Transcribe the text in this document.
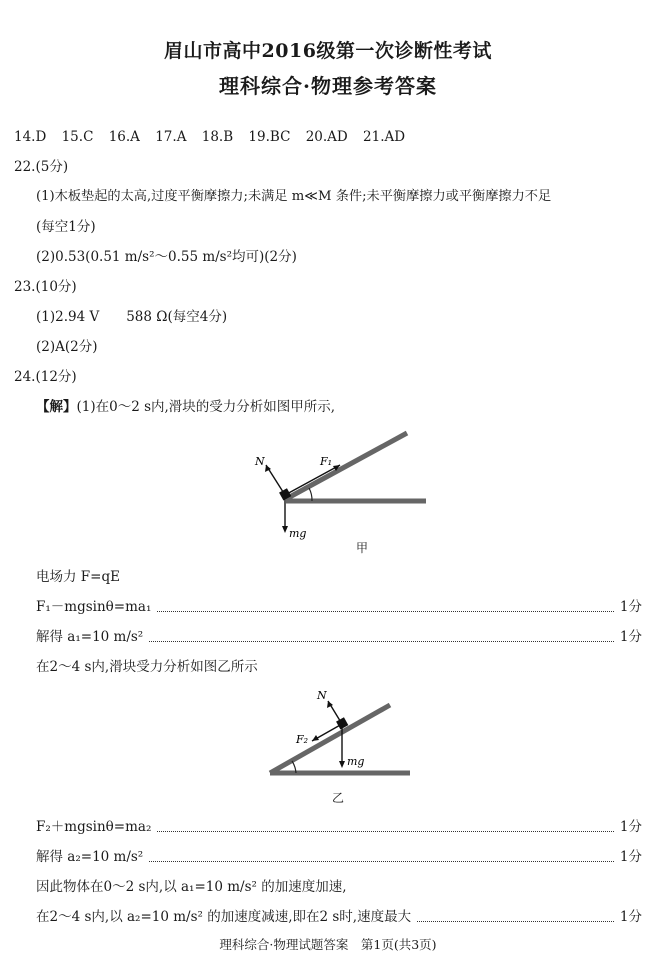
眉山市高中2016级第一次诊断性考试
理科综合·物理参考答案
14.D 15.C 16.A 17.A 18.B 19.BC 20.AD 21.AD
22.(5分)
(1)木板垫起的太高,过度平衡摩擦力;未满足 m≪M 条件;未平衡摩擦力或平衡摩擦力不足
(每空1分)
(2)0.53(0.51 m/s²～0.55 m/s²均可)(2分)
23.(10分)
(1)2.94 V　　588 Ω(每空4分)
(2)A(2分)
24.(12分)
【解】(1)在0～2 s内,滑块的受力分析如图甲所示,
N	F₁
mg
甲
电场力 F=qE
F₁－mgsinθ=ma₁	1分
解得 a₁=10 m/s²	1分
在2～4 s内,滑块受力分析如图乙所示
N
F₂
mg
乙
F₂＋mgsinθ=ma₂	1分
解得 a₂=10 m/s²	1分
因此物体在0～2 s内,以 a₁=10 m/s² 的加速度加速,
在2～4 s内,以 a₂=10 m/s² 的加速度减速,即在2 s时,速度最大	1分
理科综合·物理试题答案　第1页(共3页)
